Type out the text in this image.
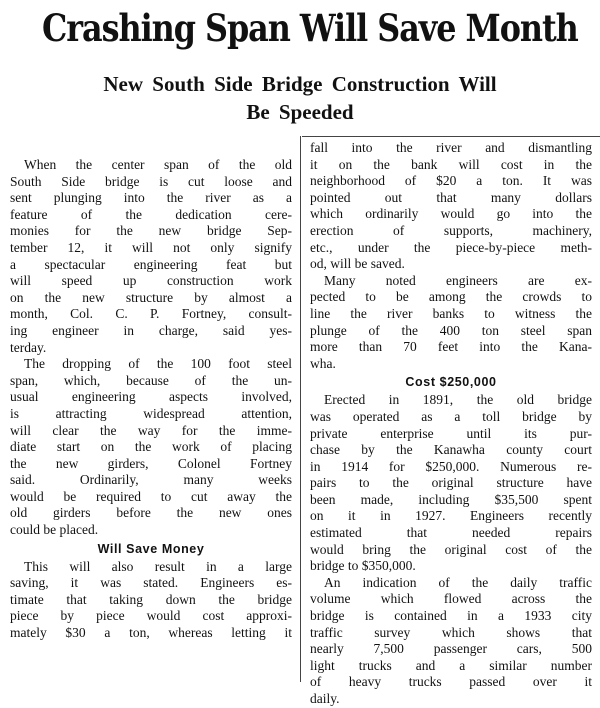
Crashing Span Will Save Month
New South Side Bridge Construction Will
Be Speeded

When the center span of the old
South Side bridge is cut loose and
sent plunging into the river as a
feature of the dedication cere-
monies for the new bridge Sep-
tember 12, it will not only signify
a spectacular engineering feat but
will speed up construction work
on the new structure by almost a
month, Col. C. P. Fortney, consult-
ing engineer in charge, said yes-
terday.

The dropping of the 100 foot steel
span, which, because of the un-
usual engineering aspects involved,
is attracting widespread attention,
will clear the way for the imme-
diate start on the work of placing
the new girders, Colonel Fortney
said. Ordinarily, many weeks
would be required to cut away the
old girders before the new ones
could be placed.

Will Save Money

This will also result in a large
saving, it was stated. Engineers es-
timate that taking down the bridge
piece by piece would cost approxi-
mately $30 a ton, whereas letting it

fall into the river and dismantling
it on the bank will cost in the
neighborhood of $20 a ton. It was
pointed out that many dollars
which ordinarily would go into the
erection of supports, machinery,
etc., under the piece-by-piece meth-
od, will be saved.

Many noted engineers are ex-
pected to be among the crowds to
line the river banks to witness the
plunge of the 400 ton steel span
more than 70 feet into the Kana-
wha.

Cost $250,000

Erected in 1891, the old bridge
was operated as a toll bridge by
private enterprise until its pur-
chase by the Kanawha county court
in 1914 for $250,000. Numerous re-
pairs to the original structure have
been made, including $35,500 spent
on it in 1927. Engineers recently
estimated that needed repairs
would bring the original cost of the
bridge to $350,000.

An indication of the daily traffic
volume which flowed across the
bridge is contained in a 1933 city
traffic survey which shows that
nearly 7,500 passenger cars, 500
light trucks and a similar number
of heavy trucks passed over it
daily.
